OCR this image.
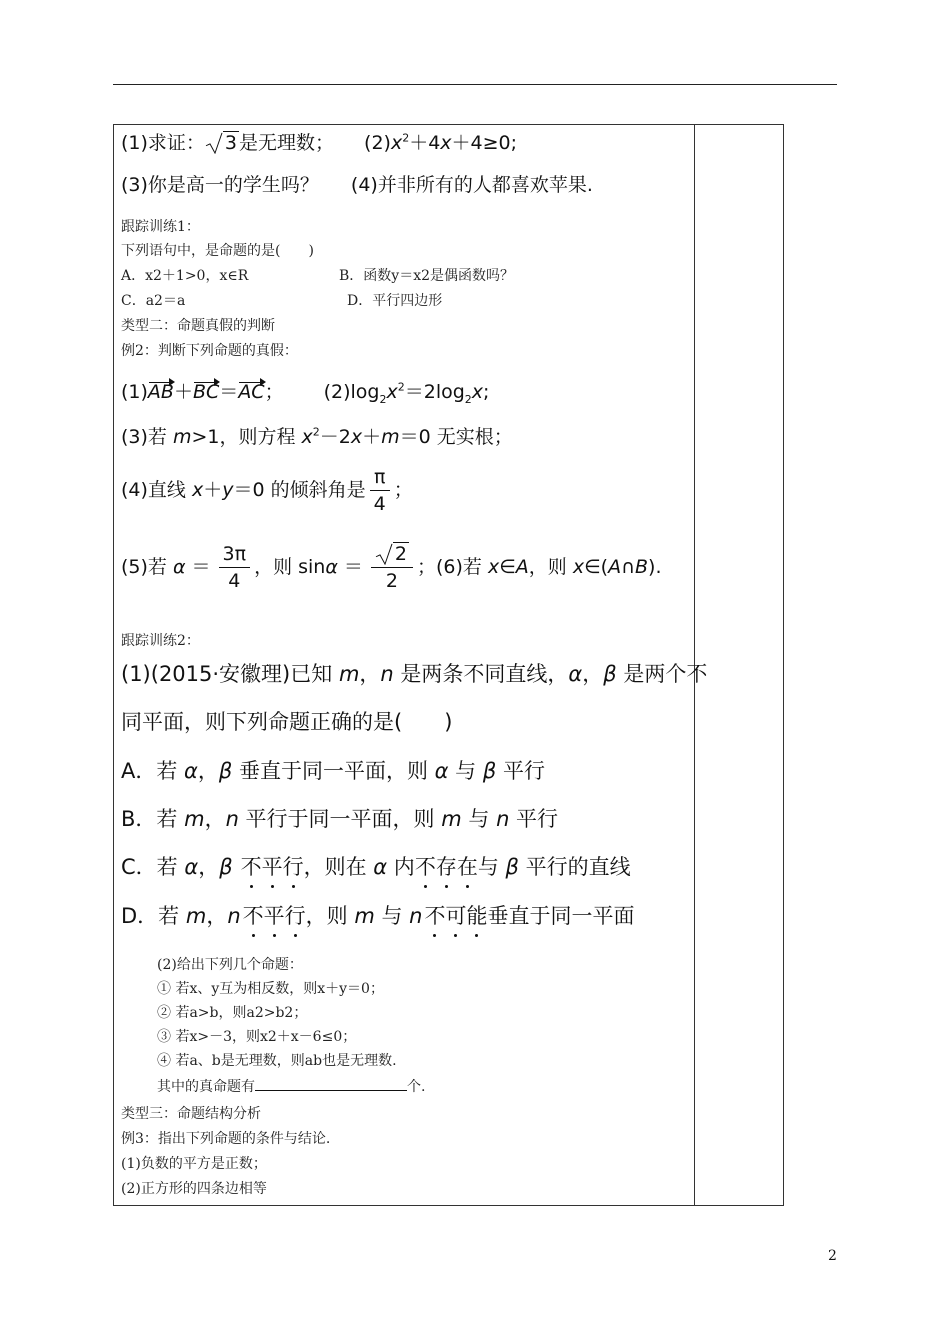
(1)求证： 3 是无理数； $(2)x^2+4x+4\ge 0$;
(3)你是高一的学生吗？ (4)并非所有的人都喜欢苹果.
跟踪训练1：
下列语句中，是命题的是(　　)
A．x2＋1>0，x∈R	B．函数y＝x2是偶函数吗？
C．a2＝a	D．平行四边形
类型二：命题真假的判断
例2：判断下列命题的真假：
(1)AB＋BC＝AC； $(2)\log_2x^2=2\log_2x$;
(3)若 m>1，则方程 $x^2-2x+m=0$ 无实根；
(4)直线 x＋y＝0 的倾斜角是 $\frac{\pi}{4}$ ；
(5)若 $\alpha = \frac{3\pi}{4}$ ，则 $\sin\alpha = \frac{2}{2}$ ；(6)若 x∈A，则 x∈(A∩B).
跟踪训练2：
(1)(2015·安徽理)已知 m，n 是两条不同直线，α，β 是两个不
同平面，则下列命题正确的是(　　)
A．若 α，β 垂直于同一平面，则 α 与 β 平行
B．若 m，n 平行于同一平面，则 m 与 n 平行
C．若 α，β 不平行，则在 α 内不存在与 β 平行的直线
D．若 m，n不平行，则 m 与 n不可能垂直于同一平面
(2)给出下列几个命题：
① 若x、y互为相反数，则x＋y＝0；
② 若a>b，则a2>b2；
③ 若x>－3，则x2＋x－6≤0；
④ 若a、b是无理数，则ab也是无理数.
其中的真命题有	个.
类型三：命题结构分析
例3：指出下列命题的条件与结论.
(1)负数的平方是正数；
(2)正方形的四条边相等
2
